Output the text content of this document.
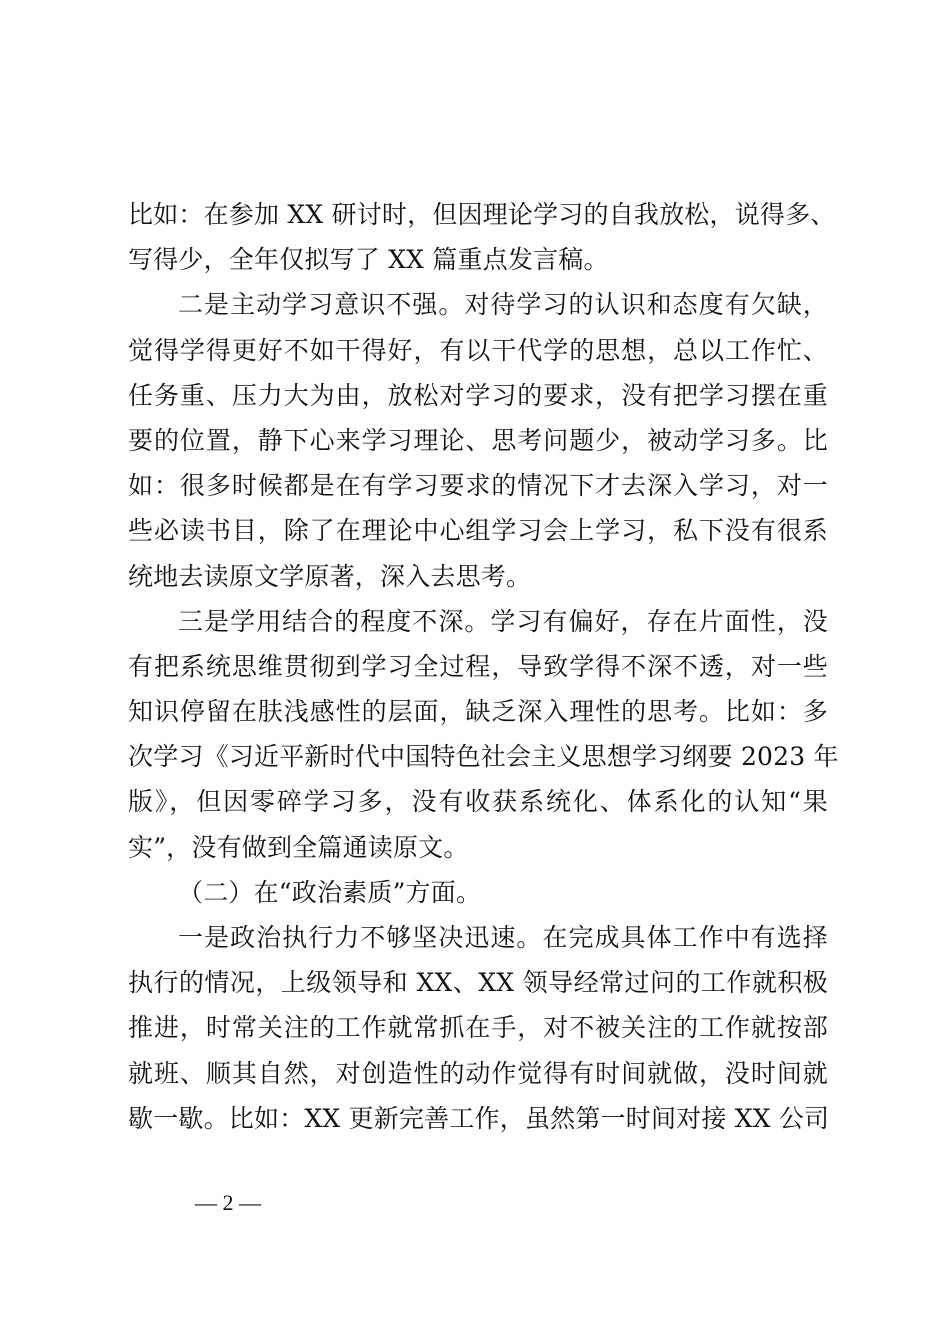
比如：在参加 XX 研讨时，但因理论学习的自我放松，说得多、
写得少，全年仅拟写了 XX 篇重点发言稿。
二是主动学习意识不强。对待学习的认识和态度有欠缺，
觉得学得更好不如干得好，有以干代学的思想，总以工作忙、
任务重、压力大为由，放松对学习的要求，没有把学习摆在重
要的位置，静下心来学习理论、思考问题少，被动学习多。比
如：很多时候都是在有学习要求的情况下才去深入学习，对一
些必读书目，除了在理论中心组学习会上学习，私下没有很系
统地去读原文学原著，深入去思考。
三是学用结合的程度不深。学习有偏好，存在片面性，没
有把系统思维贯彻到学习全过程，导致学得不深不透，对一些
知识停留在肤浅感性的层面，缺乏深入理性的思考。比如：多
次学习《习近平新时代中国特色社会主义思想学习纲要 2023 年
版》，但因零碎学习多，没有收获系统化、体系化的认知“果
实”，没有做到全篇通读原文。
（二）在“政治素质”方面。
一是政治执行力不够坚决迅速。在完成具体工作中有选择
执行的情况，上级领导和 XX、XX 领导经常过问的工作就积极
推进，时常关注的工作就常抓在手，对不被关注的工作就按部
就班、顺其自然，对创造性的动作觉得有时间就做，没时间就
歇一歇。比如：XX 更新完善工作，虽然第一时间对接 XX 公司
— 2 —
